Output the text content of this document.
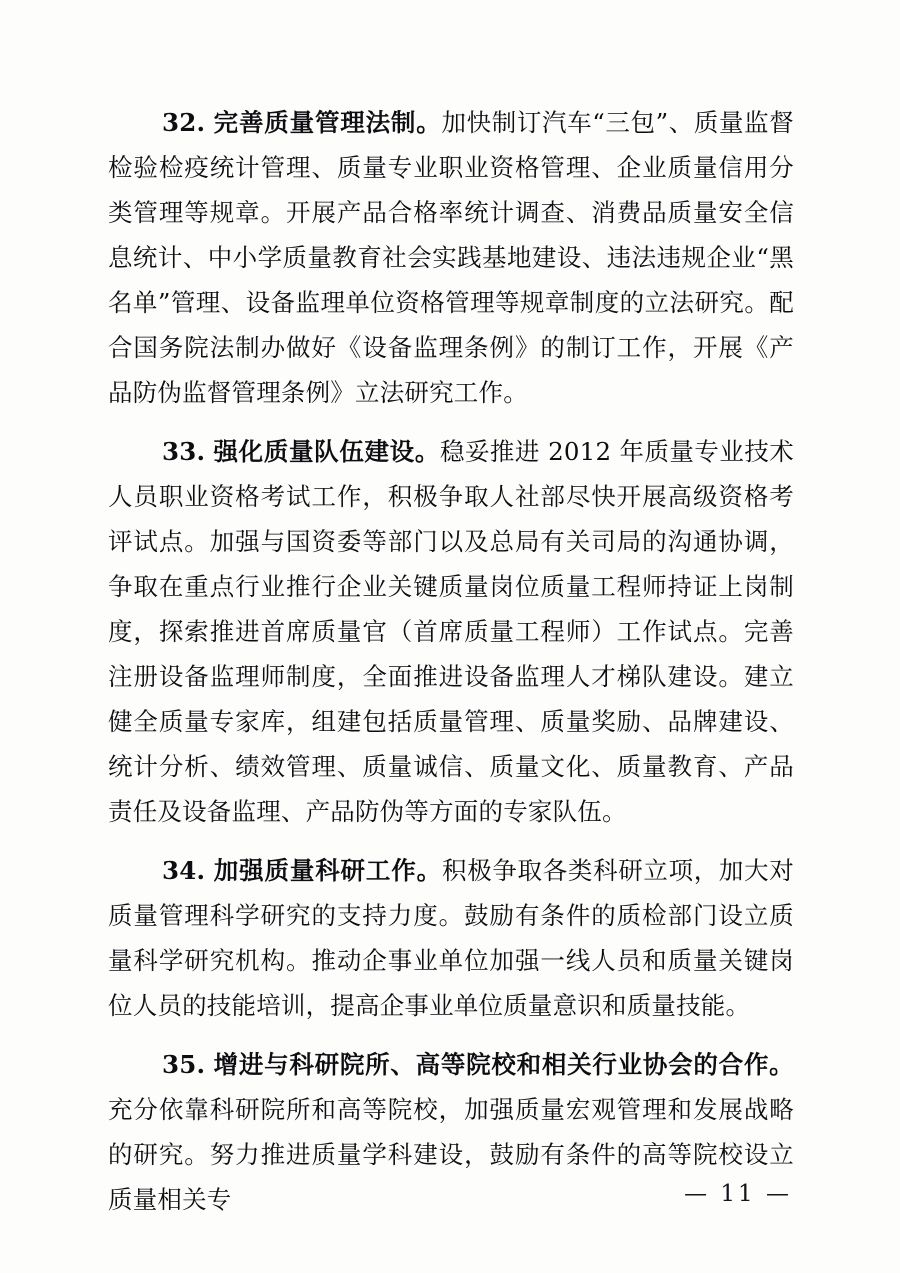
32. 完善质量管理法制。加快制订汽车“三包”、质量监督检验检疫统计管理、质量专业职业资格管理、企业质量信用分类管理等规章。开展产品合格率统计调查、消费品质量安全信息统计、中小学质量教育社会实践基地建设、违法违规企业“黑名单”管理、设备监理单位资格管理等规章制度的立法研究。配合国务院法制办做好《设备监理条例》的制订工作，开展《产品防伪监督管理条例》立法研究工作。

33. 强化质量队伍建设。稳妥推进 2012 年质量专业技术人员职业资格考试工作，积极争取人社部尽快开展高级资格考评试点。加强与国资委等部门以及总局有关司局的沟通协调，争取在重点行业推行企业关键质量岗位质量工程师持证上岗制度，探索推进首席质量官（首席质量工程师）工作试点。完善注册设备监理师制度，全面推进设备监理人才梯队建设。建立健全质量专家库，组建包括质量管理、质量奖励、品牌建设、统计分析、绩效管理、质量诚信、质量文化、质量教育、产品责任及设备监理、产品防伪等方面的专家队伍。

34. 加强质量科研工作。积极争取各类科研立项，加大对质量管理科学研究的支持力度。鼓励有条件的质检部门设立质量科学研究机构。推动企事业单位加强一线人员和质量关键岗位人员的技能培训，提高企事业单位质量意识和质量技能。

35. 增进与科研院所、高等院校和相关行业协会的合作。充分依靠科研院所和高等院校，加强质量宏观管理和发展战略的研究。努力推进质量学科建设，鼓励有条件的高等院校设立质量相关专	— 11 —
